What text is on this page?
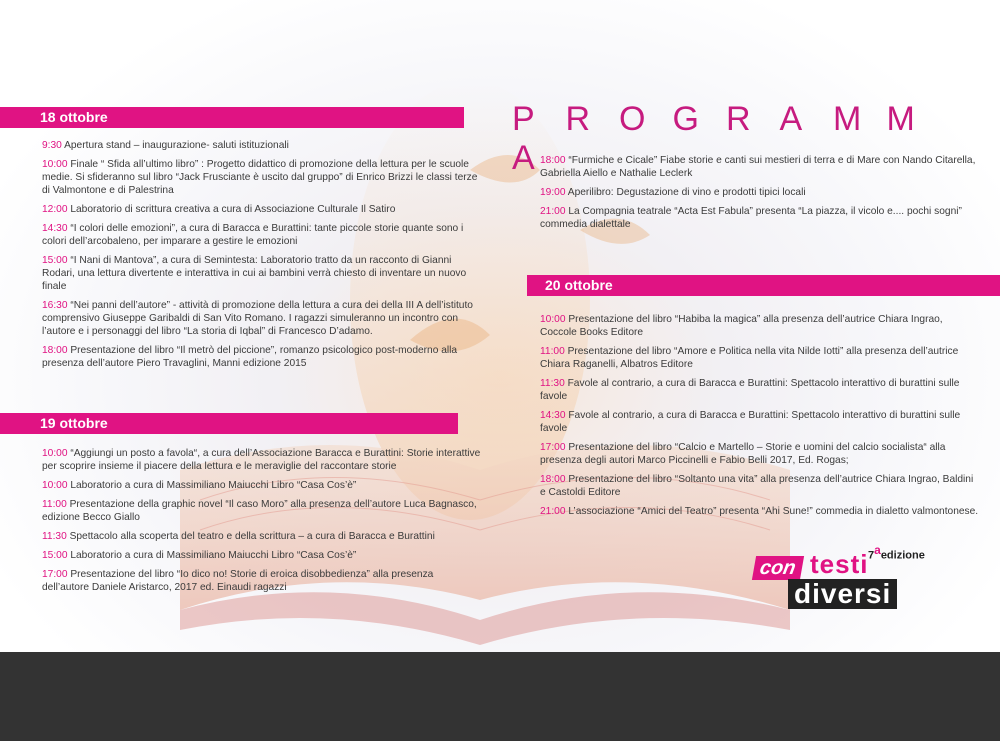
P R O G R A M MA
18 ottobre
9:30 Apertura stand – inaugurazione- saluti istituzionali
10:00 Finale “ Sfida all’ultimo libro” : Progetto didattico di promozione della lettura per le scuole medie. Si sfideranno sul libro “Jack Frusciante è uscito dal gruppo” di Enrico Brizzi le classi terze di Valmontone e di Palestrina
12:00 Laboratorio di scrittura creativa a cura di Associazione Culturale Il Satiro
14:30 “I colori delle emozioni”, a cura di Baracca e Burattini: tante piccole storie quante sono i colori dell’arcobaleno, per imparare a gestire le emozioni
15:00 “I Nani di Mantova”, a cura di Semintesta: Laboratorio tratto da un racconto di Gianni Rodari, una lettura divertente e interattiva in cui ai bambini verrà chiesto di inventare un nuovo finale
16:30 “Nei panni dell’autore” - attività di promozione della lettura a cura dei della III A dell’istituto comprensivo Giuseppe Garibaldi di San Vito Romano. I ragazzi simuleranno un incontro con l’autore e i personaggi del libro “La storia di Iqbal” di Francesco D’adamo.
18:00 Presentazione del libro “Il metrò del piccione”, romanzo psicologico post-moderno alla presenza dell’autore Piero Travaglini, Manni edizione 2015
19 ottobre
10:00 “Aggiungi un posto a favola“, a cura dell’Associazione Baracca e Burattini: Storie interattive per scoprire insieme il piacere della lettura e le meraviglie del raccontare storie
10:00 Laboratorio a cura di Massimiliano Maiucchi Libro “Casa Cos’è”
11:00 Presentazione della graphic novel “Il caso Moro” alla presenza dell’autore Luca Bagnasco, edizione Becco Giallo
11:30 Spettacolo alla scoperta del teatro e della scrittura – a cura di Baracca e Burattini
15:00 Laboratorio a cura di Massimiliano Maiucchi Libro “Casa Cos’è”
17:00 Presentazione del libro “Io dico no! Storie di eroica disobbedienza” alla presenza dell’autore Daniele Aristarco, 2017 ed. Einaudi ragazzi
18:00 “Furmiche e Cicale” Fiabe storie e canti sui mestieri di terra e di Mare con Nando Citarella, Gabriella Aiello e Nathalie Leclerk
19:00 Aperilibro: Degustazione di vino e prodotti tipici locali
21:00 La Compagnia teatrale “Acta Est Fabula” presenta “La piazza, il vicolo e.... pochi sogni” commedia dialettale
20 ottobre
10:00 Presentazione del libro “Habiba la magica” alla presenza dell’autrice Chiara Ingrao, Coccole Books Editore
11:00 Presentazione del libro “Amore e Politica nella vita Nilde Iotti” alla presenza dell’autrice Chiara Raganelli, Albatros Editore
11:30 Favole al contrario, a cura di Baracca e Burattini: Spettacolo interattivo di burattini sulle favole
14:30 Favole al contrario, a cura di Baracca e Burattini: Spettacolo interattivo di burattini sulle favole
17:00 Presentazione del libro “Calcio e Martello – Storie e uomini del calcio socialista“ alla presenza degli autori Marco Piccinelli e Fabio Belli 2017, Ed. Rogas;
18:00 Presentazione del libro “Soltanto una vita” alla presenza dell’autrice Chiara Ingrao, Baldini e Castoldi Editore
21:00 L’associazione “Amici del Teatro” presenta “Ahi Sune!” commedia in dialetto valmontonese.
7$^a$edizione
con testi
diversi
